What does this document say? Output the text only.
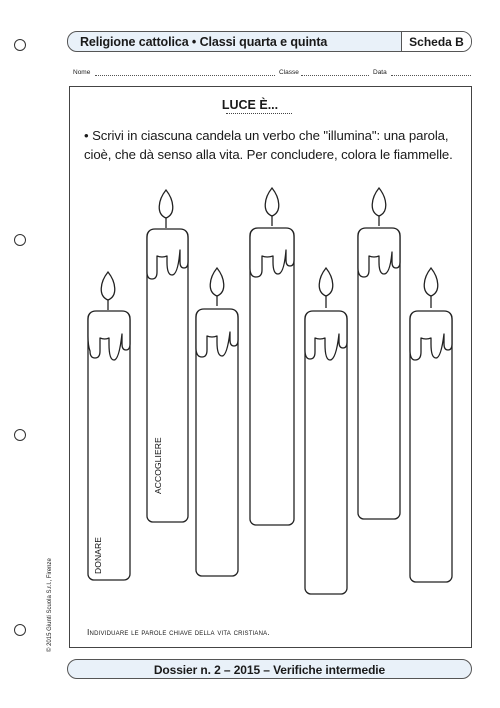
Religione cattolica • Classi quarta e quinta	Scheda B
Nome	Classe	Data
LUCE È...
• Scrivi in ciascuna candela un verbo che "illumina": una parola, cioè, che dà senso alla vita. Per concludere, colora le fiammelle.
DONARE
ACCOGLIERE
Individuare le parole chiave della vita cristiana.
© 2015 Giunti Scuola S.r.l., Firenze
Dossier n. 2 – 2015 – Verifiche intermedie
